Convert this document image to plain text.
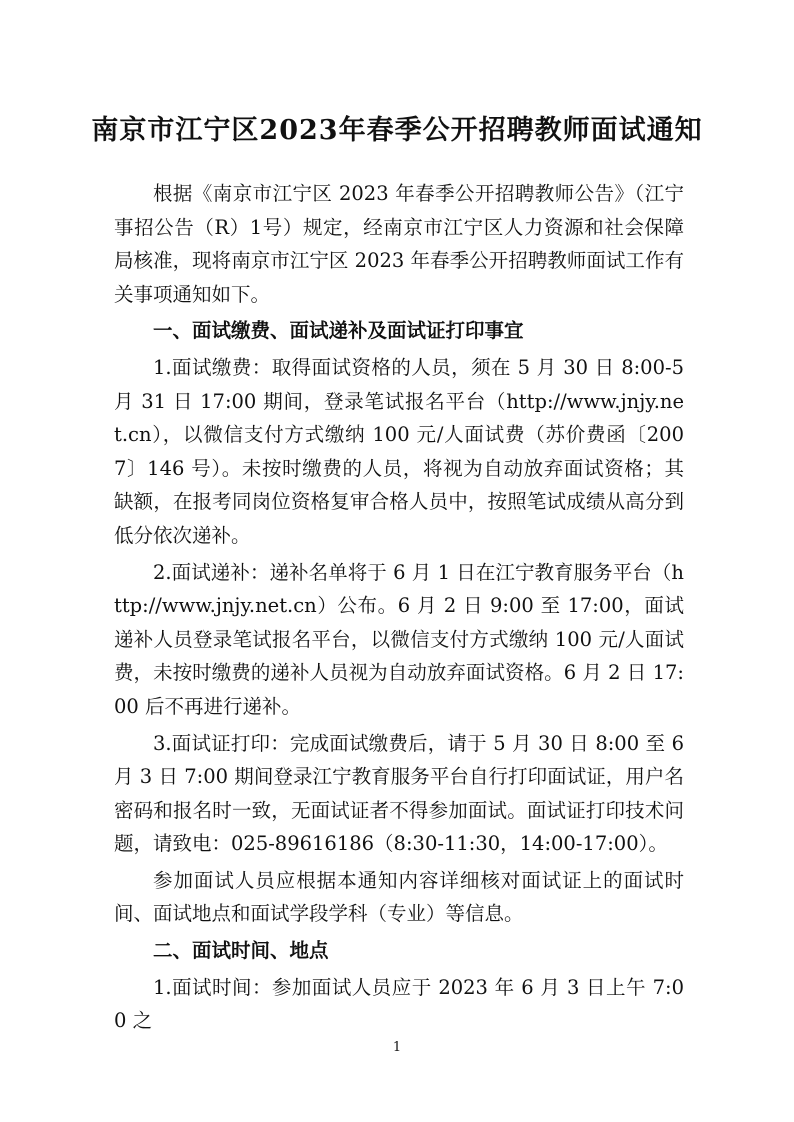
南京市江宁区2023年春季公开招聘教师面试通知

根据《南京市江宁区 2023 年春季公开招聘教师公告》（江宁事招公告（R）1号）规定，经南京市江宁区人力资源和社会保障局核准，现将南京市江宁区 2023 年春季公开招聘教师面试工作有关事项通知如下。

一、面试缴费、面试递补及面试证打印事宜

1.面试缴费：取得面试资格的人员，须在 5 月 30 日 8:00-5 月 31 日 17:00 期间，登录笔试报名平台（http://www.jnjy.net.cn），以微信支付方式缴纳 100 元/人面试费（苏价费函〔2007〕146 号）。未按时缴费的人员，将视为自动放弃面试资格；其缺额，在报考同岗位资格复审合格人员中，按照笔试成绩从高分到低分依次递补。

2.面试递补：递补名单将于 6 月 1 日在江宁教育服务平台（http://www.jnjy.net.cn）公布。6 月 2 日 9:00 至 17:00，面试递补人员登录笔试报名平台，以微信支付方式缴纳 100 元/人面试费，未按时缴费的递补人员视为自动放弃面试资格。6 月 2 日 17:00 后不再进行递补。

3.面试证打印：完成面试缴费后，请于 5 月 30 日 8:00 至 6 月 3 日 7:00 期间登录江宁教育服务平台自行打印面试证，用户名密码和报名时一致，无面试证者不得参加面试。面试证打印技术问题，请致电：025-89616186（8:30-11:30，14:00-17:00）。

参加面试人员应根据本通知内容详细核对面试证上的面试时间、面试地点和面试学段学科（专业）等信息。

二、面试时间、地点

1.面试时间：参加面试人员应于 2023 年 6 月 3 日上午 7:00 之

1
